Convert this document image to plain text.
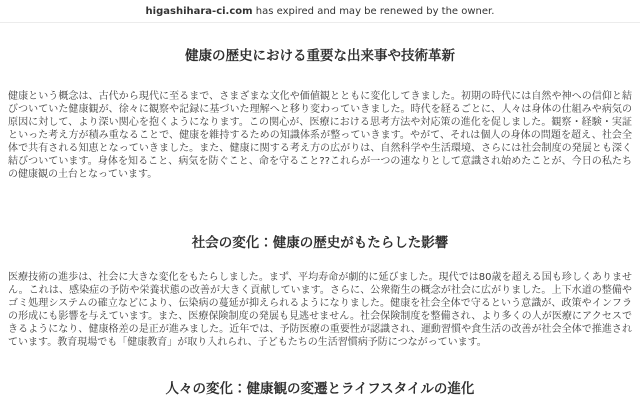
higashihara-ci.com has expired and may be renewed by the owner.
健康の歴史における重要な出来事や技術革新

健康という概念は、古代から現代に至るまで、さまざまな文化や価値観とともに変化してきました。初期の時代には自然や神への信仰と結びついていた健康観が、徐々に観察や記録に基づいた理解へと移り変わっていきました。時代を経るごとに、人々は身体の仕組みや病気の原因に対して、より深い関心を抱くようになります。この関心が、医療における思考方法や対応策の進化を促しました。観察・経験・実証といった考え方が積み重なることで、健康を維持するための知識体系が整っていきます。やがて、それは個人の身体の問題を超え、社会全体で共有される知恵となっていきました。また、健康に関する考え方の広がりは、自然科学や生活環境、さらには社会制度の発展とも深く結びついています。身体を知ること、病気を防ぐこと、命を守ること??これらが一つの連なりとして意識され始めたことが、今日の私たちの健康観の土台となっています。

社会の変化：健康の歴史がもたらした影響

医療技術の進歩は、社会に大きな変化をもたらしました。まず、平均寿命が劇的に延びました。現代では80歳を超える国も珍しくありません。これは、感染症の予防や栄養状態の改善が大きく貢献しています。さらに、公衆衛生の概念が社会に広がりました。上下水道の整備やゴミ処理システムの確立などにより、伝染病の蔓延が抑えられるようになりました。健康を社会全体で守るという意識が、政策やインフラの形成にも影響を与えています。また、医療保険制度の発展も見逃せません。社会保険制度を整備され、より多くの人が医療にアクセスできるようになり、健康格差の是正が進みました。近年では、予防医療の重要性が認識され、運動習慣や食生活の改善が社会全体で推進されています。教育現場でも「健康教育」が取り入れられ、子どもたちの生活習慣病予防につながっています。

人々の変化：健康観の変遷とライフスタイルの進化
